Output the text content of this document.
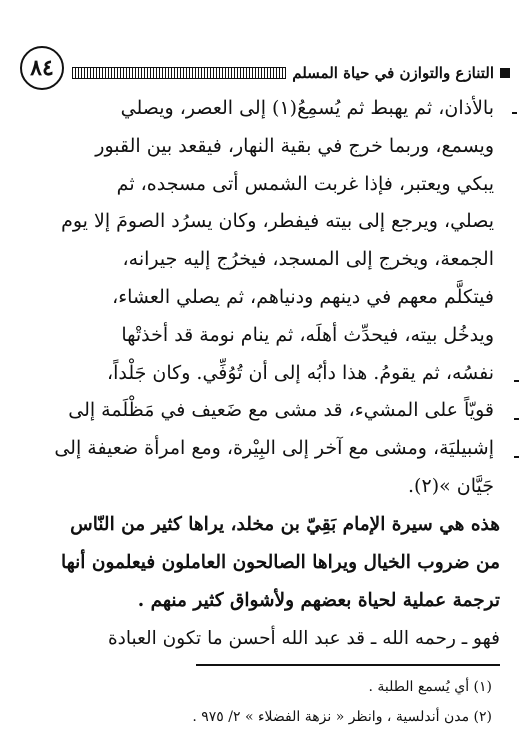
٨٤	التنازع والتوازن في حياة المسلم
بالأذان، ثم يهبط ثم يُسمِعُ(١) إلى العصر، ويصلي
ويسمع، وربما خرج في بقية النهار، فيقعد بين القبور
يبكي ويعتبر، فإذا غربت الشمس أتى مسجده، ثم
يصلي، ويرجع إلى بيته فيفطر، وكان يسرُد الصومَ إلا يوم
الجمعة، ويخرج إلى المسجد، فيخرُج إليه جيرانه،
فيتكلَّم معهم في دينهم ودنياهم، ثم يصلي العشاء،
ويدخُل بيته، فيحدِّث أهلَه، ثم ينام نومة قد أخذتْها
نفسُه، ثم يقومُ. هذا دأبُه إلى أن تُوُفِّي. وكان جَلْداً،
قويّاً على المشيء، قد مشى مع ضَعيف في مَظْلَمة إلى
إشبيليَة، ومشى مع آخر إلى البِيْرة، ومع امرأة ضعيفة إلى
جَيَّان »(٢).
هذه هي سيرة الإمام بَقِيّ بن مخلد، يراها كثير من النّاس
من ضروب الخيال ويراها الصالحون العاملون فيعلمون أنها
ترجمة عملية لحياة بعضهم ولأشواق كثير منهم .
فهو ـ رحمه الله ـ قد عبد الله أحسن ما تكون العبادة
(١) أي يُسمع الطلبة .
(٢) مدن أندلسية ، وانظر « نزهة الفضلاء » ٢/ ٩٧٥ .
